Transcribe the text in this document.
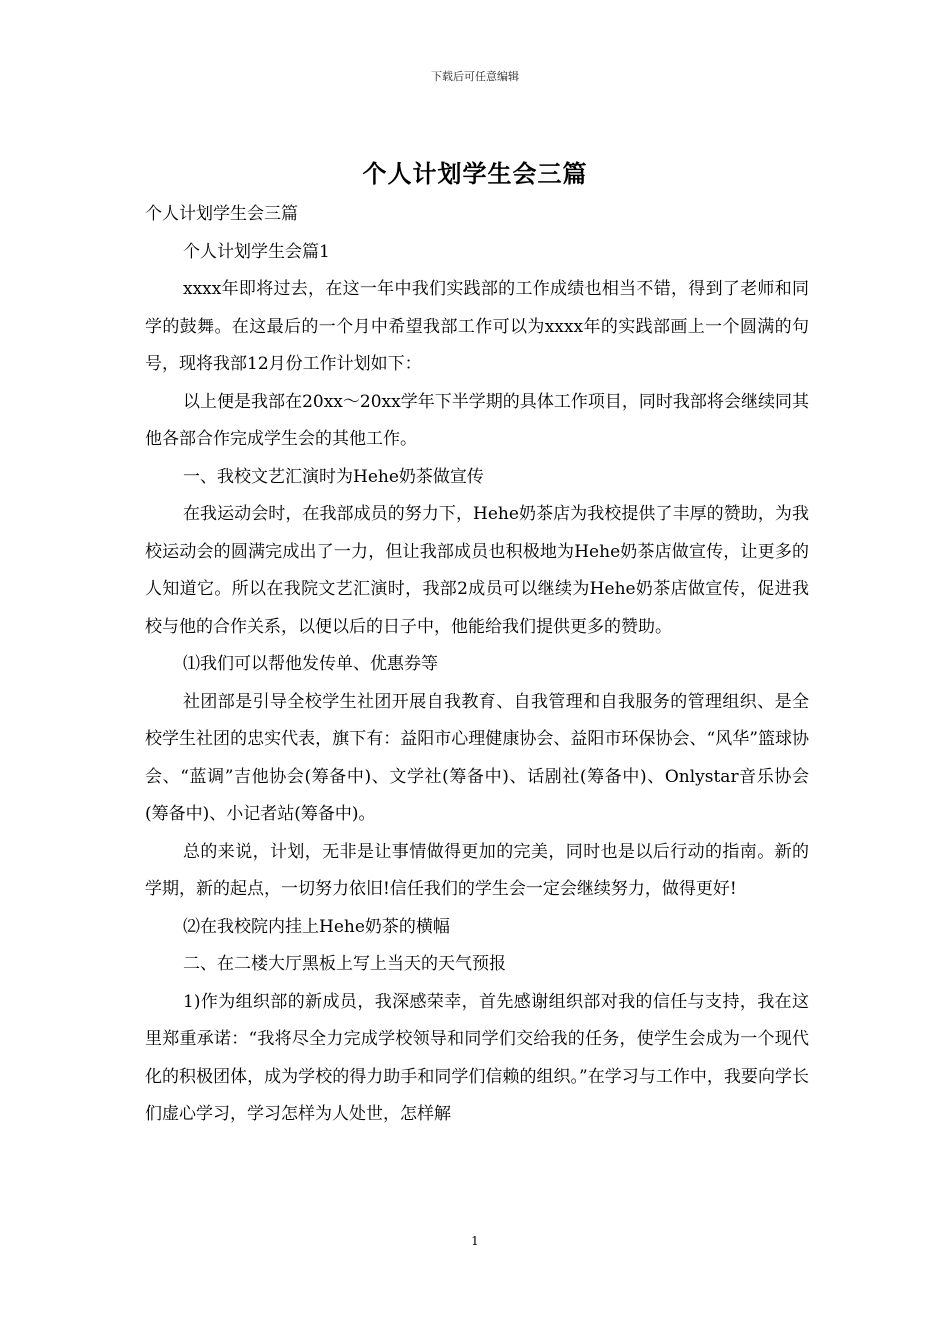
下载后可任意编辑
个人计划学生会三篇

个人计划学生会三篇

个人计划学生会篇1

xxxx年即将过去，在这一年中我们实践部的工作成绩也相当不错，得到了老师和同学的鼓舞。在这最后的一个月中希望我部工作可以为xxxx年的实践部画上一个圆满的句号，现将我部12月份工作计划如下：

以上便是我部在20xx～20xx学年下半学期的具体工作项目，同时我部将会继续同其他各部合作完成学生会的其他工作。

一、我校文艺汇演时为Hehe奶茶做宣传

在我运动会时，在我部成员的努力下，Hehe奶茶店为我校提供了丰厚的赞助，为我校运动会的圆满完成出了一力，但让我部成员也积极地为Hehe奶茶店做宣传，让更多的人知道它。所以在我院文艺汇演时，我部2成员可以继续为Hehe奶茶店做宣传，促进我校与他的合作关系，以便以后的日子中，他能给我们提供更多的赞助。

⑴我们可以帮他发传单、优惠券等

社团部是引导全校学生社团开展自我教育、自我管理和自我服务的管理组织、是全校学生社团的忠实代表，旗下有：益阳市心理健康协会、益阳市环保协会、“风华”篮球协会、“蓝调”吉他协会(筹备中)、文学社(筹备中)、话剧社(筹备中)、Onlystar音乐协会(筹备中)、小记者站(筹备中)。

总的来说，计划，无非是让事情做得更加的完美，同时也是以后行动的指南。新的学期，新的起点，一切努力依旧!信任我们的学生会一定会继续努力，做得更好!

⑵在我校院内挂上Hehe奶茶的横幅

二、在二楼大厅黑板上写上当天的天气预报

1)作为组织部的新成员，我深感荣幸，首先感谢组织部对我的信任与支持，我在这里郑重承诺：“我将尽全力完成学校领导和同学们交给我的任务，使学生会成为一个现代化的积极团体，成为学校的得力助手和同学们信赖的组织。”在学习与工作中，我要向学长们虚心学习，学习怎样为人处世，怎样解

1
